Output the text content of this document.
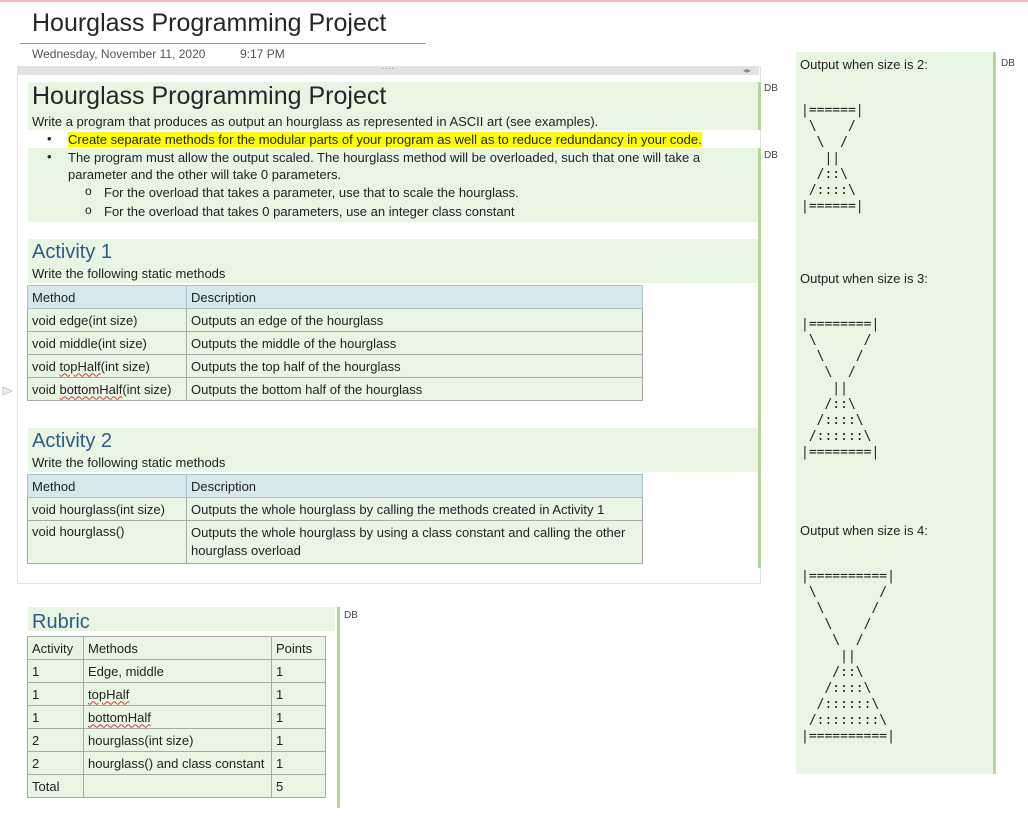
Hourglass Programming Project
Wednesday, November 11, 2020	9:17 PM
····	◂▸
DB
DB
Hourglass Programming Project
Write a program that produces as output an hourglass as represented in ASCII art (see examples).
• Create separate methods for the modular parts of your program as well as to reduce redundancy in your code.
• The program must allow the output scaled. The hourglass method will be overloaded, such that one will take a
parameter and the other will take 0 parameters.
o For the overload that takes a parameter, use that to scale the hourglass.
o For the overload that takes 0 parameters, use an integer class constant
Activity 1
Write the following static methods
Method	Description
void edge(int size)	Outputs an edge of the hourglass
void middle(int size)	Outputs the middle of the hourglass
void topHalf(int size)	Outputs the top half of the hourglass
void bottomHalf(int size)	Outputs the bottom half of the hourglass
Activity 2
Write the following static methods
Method	Description
void hourglass(int size)	Outputs the whole hourglass by calling the methods created in Activity 1
void hourglass()	Outputs the whole hourglass by using a class constant and calling the other
hourglass overload
DB
Rubric
Activity	Methods	Points
1	Edge, middle	1
1	topHalf	1
1	bottomHalf	1
2	hourglass(int size)	1
2	hourglass() and class constant	1
Total		5
DB
Output when size is 2:
|======|
\    /
\  /
||
/::\
/::::\
|======|
Output when size is 3:
|========|
\      /
\    /
\  /
||
/::\
/::::\
/::::::\
|========|
Output when size is 4:
|==========|
\        /
\      /
\    /
\  /
||
/::\
/::::\
/::::::\
/::::::::\
|==========|
